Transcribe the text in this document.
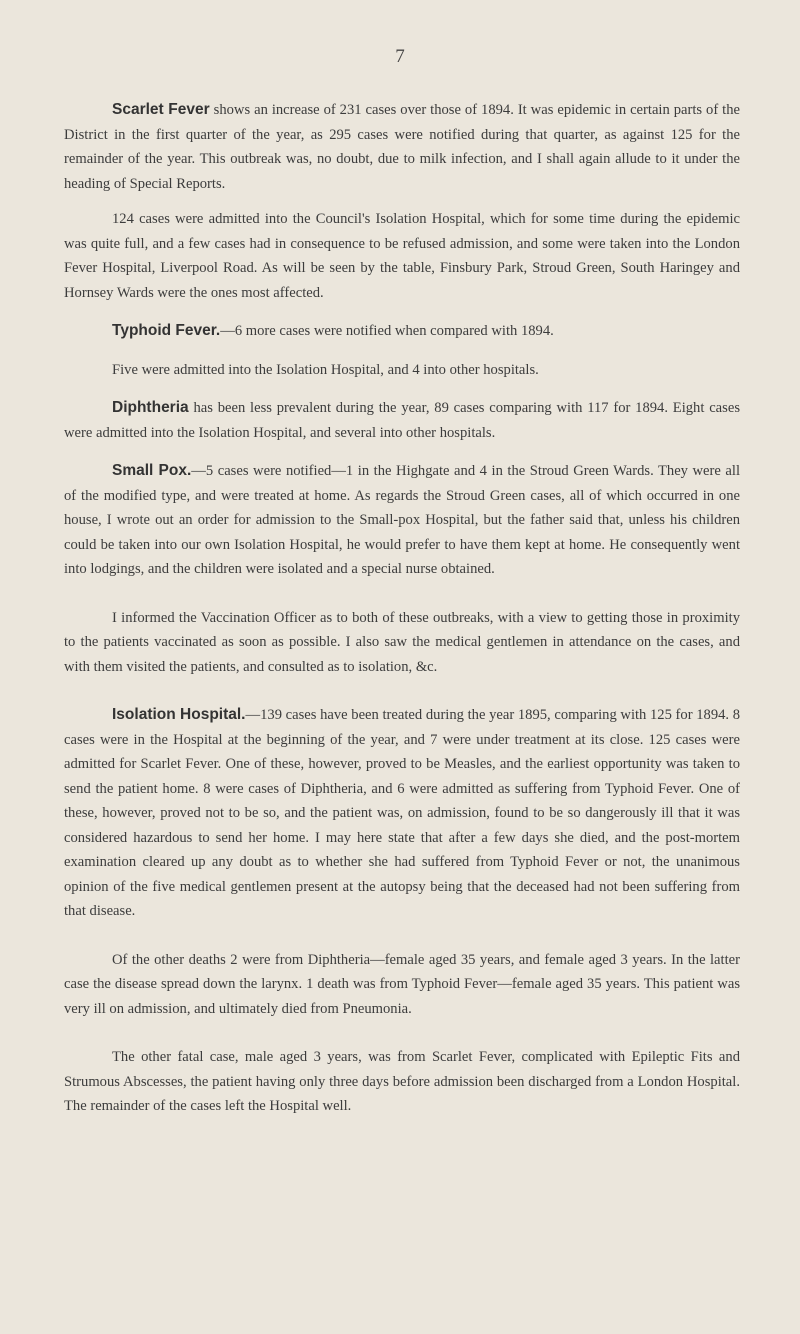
7

Scarlet Fever shows an increase of 231 cases over those of 1894. It was epidemic in certain parts of the District in the first quarter of the year, as 295 cases were notified during that quarter, as against 125 for the remainder of the year. This outbreak was, no doubt, due to milk infection, and I shall again allude to it under the heading of Special Reports.

124 cases were admitted into the Council's Isolation Hospital, which for some time during the epidemic was quite full, and a few cases had in consequence to be refused admission, and some were taken into the London Fever Hospital, Liverpool Road. As will be seen by the table, Finsbury Park, Stroud Green, South Haringey and Hornsey Wards were the ones most affected.

Typhoid Fever.—6 more cases were notified when compared with 1894.

Five were admitted into the Isolation Hospital, and 4 into other hospitals.

Diphtheria has been less prevalent during the year, 89 cases comparing with 117 for 1894. Eight cases were admitted into the Isolation Hospital, and several into other hospitals.

Small Pox.—5 cases were notified—1 in the Highgate and 4 in the Stroud Green Wards. They were all of the modified type, and were treated at home. As regards the Stroud Green cases, all of which occurred in one house, I wrote out an order for admission to the Small-pox Hospital, but the father said that, unless his children could be taken into our own Isolation Hospital, he would prefer to have them kept at home. He consequently went into lodgings, and the children were isolated and a special nurse obtained.

I informed the Vaccination Officer as to both of these outbreaks, with a view to getting those in proximity to the patients vaccinated as soon as possible. I also saw the medical gentlemen in attendance on the cases, and with them visited the patients, and consulted as to isolation, &c.

Isolation Hospital.—139 cases have been treated during the year 1895, comparing with 125 for 1894. 8 cases were in the Hospital at the beginning of the year, and 7 were under treatment at its close. 125 cases were admitted for Scarlet Fever. One of these, however, proved to be Measles, and the earliest opportunity was taken to send the patient home. 8 were cases of Diphtheria, and 6 were admitted as suffering from Typhoid Fever. One of these, however, proved not to be so, and the patient was, on admission, found to be so dangerously ill that it was considered hazardous to send her home. I may here state that after a few days she died, and the post-mortem examination cleared up any doubt as to whether she had suffered from Typhoid Fever or not, the unanimous opinion of the five medical gentlemen present at the autopsy being that the deceased had not been suffering from that disease.

Of the other deaths 2 were from Diphtheria—female aged 35 years, and female aged 3 years. In the latter case the disease spread down the larynx. 1 death was from Typhoid Fever—female aged 35 years. This patient was very ill on admission, and ultimately died from Pneumonia.

The other fatal case, male aged 3 years, was from Scarlet Fever, complicated with Epileptic Fits and Strumous Abscesses, the patient having only three days before admission been discharged from a London Hospital. The remainder of the cases left the Hospital well.
